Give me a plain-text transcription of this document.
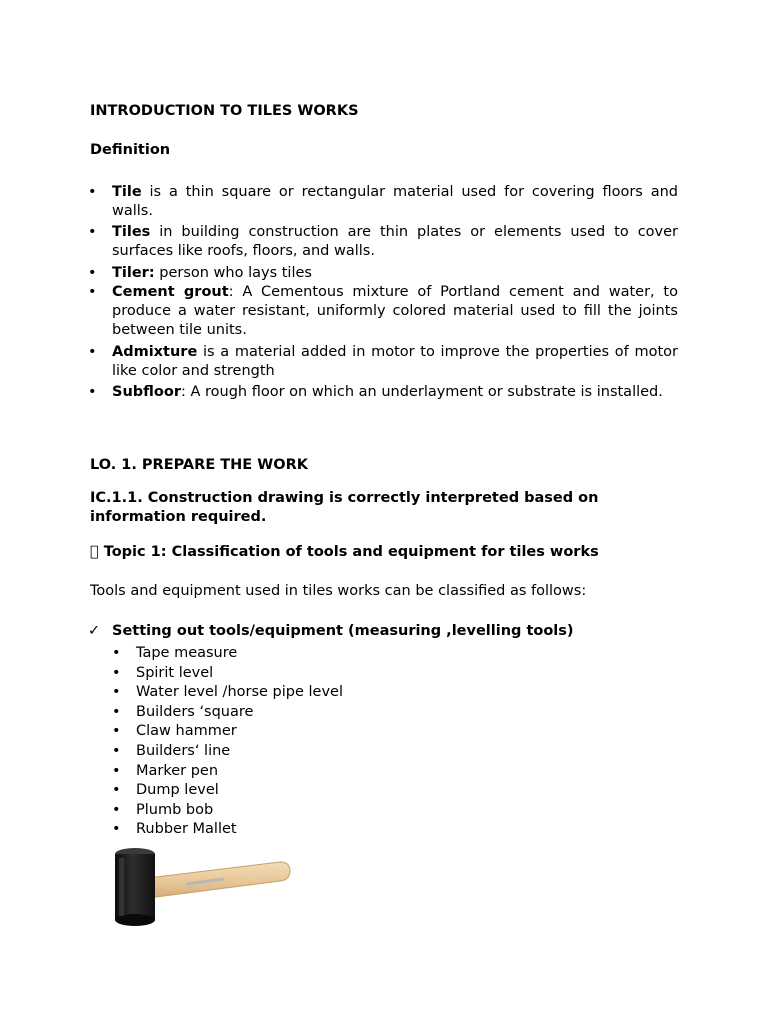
INTRODUCTION TO TILES WORKS
Definition
• Tile is a thin square or rectangular material used for covering floors and walls.
• Tiles in building construction are thin plates or elements used to cover surfaces like roofs, floors, and walls.
• Tiler: person who lays tiles
• Cement grout: A Cementous mixture of Portland cement and water, to produce a water resistant, uniformly colored material used to fill the joints between tile units.
• Admixture is a material added in motor to improve the properties of motor like color and strength
• Subfloor: A rough floor on which an underlayment or substrate is installed.
LO. 1. PREPARE THE WORK
IC.1.1. Construction drawing is correctly interpreted based on information required.
Topic 1: Classification of tools and equipment for tiles works
Tools and equipment used in tiles works can be classified as follows:
✓ Setting out tools/equipment (measuring ,levelling tools)
• Tape measure
• Spirit level
• Water level /horse pipe level
• Builders ‘square
• Claw hammer
• Builders‘ line
• Marker pen
• Dump level
• Plumb bob
• Rubber Mallet
